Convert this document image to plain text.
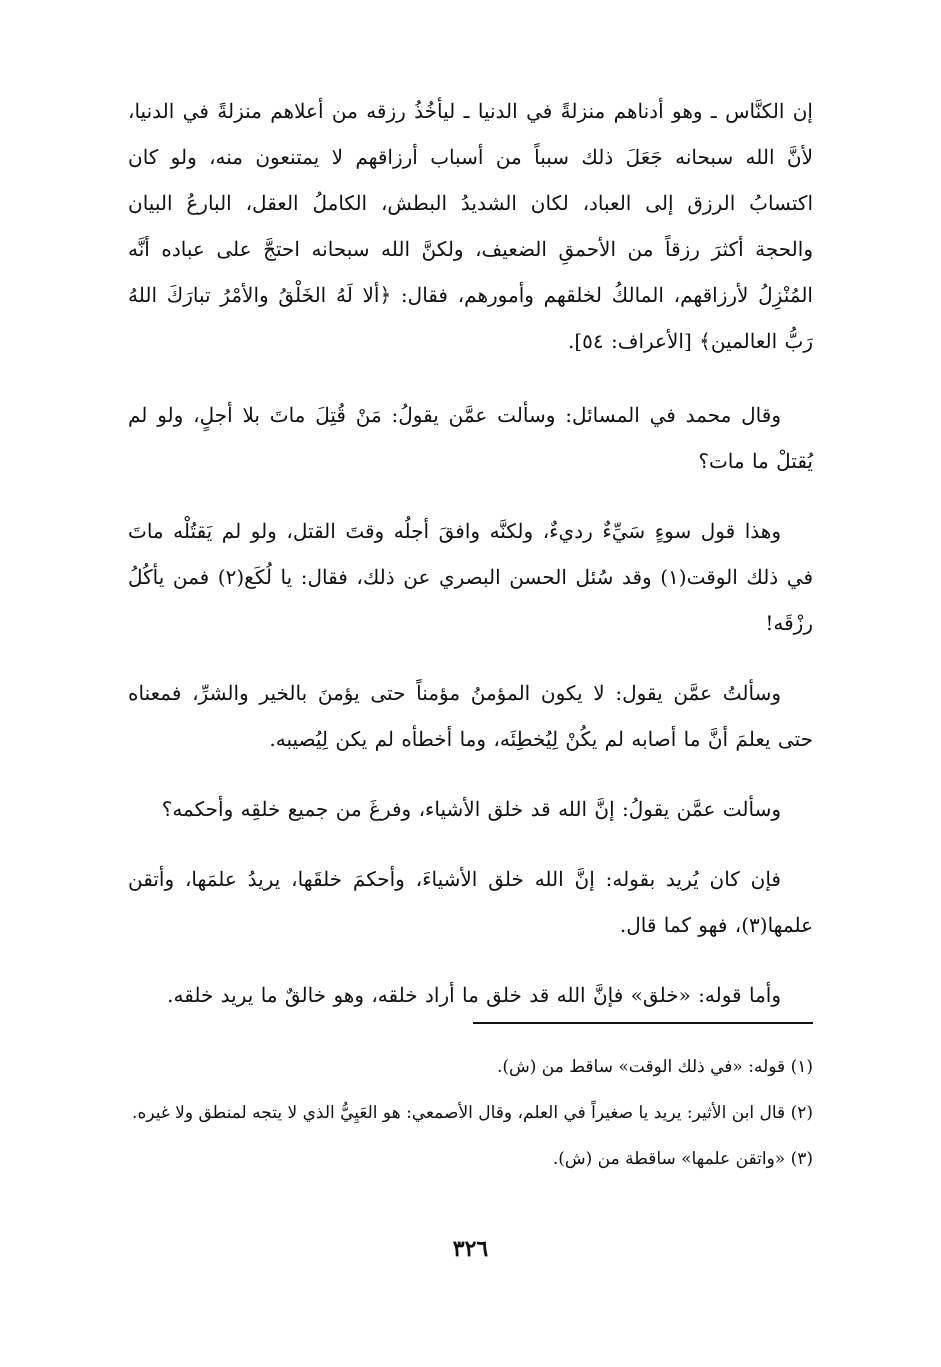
إن الكنَّاس ـ وهو أدناهم منزلةً في الدنيا ـ ليأخُذُ رزقه من أعلاهم منزلةً في الدنيا، لأنَّ الله سبحانه جَعَلَ ذلك سبباً من أسباب أرزاقهم لا يمتنعون منه، ولو كان اكتسابُ الرزق إلى العباد، لكان الشديدُ البطش، الكاملُ العقل، البارعُ البيان والحجة أكثرَ رزقاً من الأحمقِ الضعيف، ولكنَّ الله سبحانه احتجَّ على عباده أنَّه المُنْزِلُ لأرزاقهم، المالكُ لخلقهم وأمورهم، فقال: ﴿ألا لَهُ الخَلْقُ والأمْرُ تبارَكَ اللهُ رَبُّ العالمين﴾ [الأعراف: ٥٤].

وقال محمد في المسائل: وسألت عمَّن يقولُ: مَنْ قُتِلَ ماتَ بلا أجلٍ، ولو لم يُقتلْ ما مات؟

وهذا قول سوءٍ سَيِّءٌ رديءٌ، ولكنَّه وافقَ أجلُه وقتَ القتل، ولو لم يَقتُلْه ماتَ في ذلك الوقت(١) وقد سُئل الحسن البصري عن ذلك، فقال: يا لُكَع(٢) فمن يأكُلُ رزْقَه!

وسألتُ عمَّن يقول: لا يكون المؤمنُ مؤمناً حتى يؤمنَ بالخير والشرِّ، فمعناه حتى يعلمَ أنَّ ما أصابه لم يكُنْ لِيُخطِئَه، وما أخطأه لم يكن لِيُصيبه.

وسألت عمَّن يقولُ: إنَّ الله قد خلق الأشياء، وفرغَ من جميع خلقِه وأحكمه؟

فإن كان يُريد بقوله: إنَّ الله خلق الأشياءَ، وأحكمَ خلقَها، يريدُ علمَها، وأتقن علمها(٣)، فهو كما قال.

وأما قوله: «خلق» فإنَّ الله قد خلق ما أراد خلقه، وهو خالقٌ ما يريد خلقه.

(١) قوله: «في ذلك الوقت» ساقط من (ش).

(٢) قال ابن الأثير: يريد يا صغيراً في العلم، وقال الأصمعي: هو العَيِيُّ الذي لا يتجه لمنطق ولا غيره.

(٣) «واتقن علمها» ساقطة من (ش).

٣٢٦
